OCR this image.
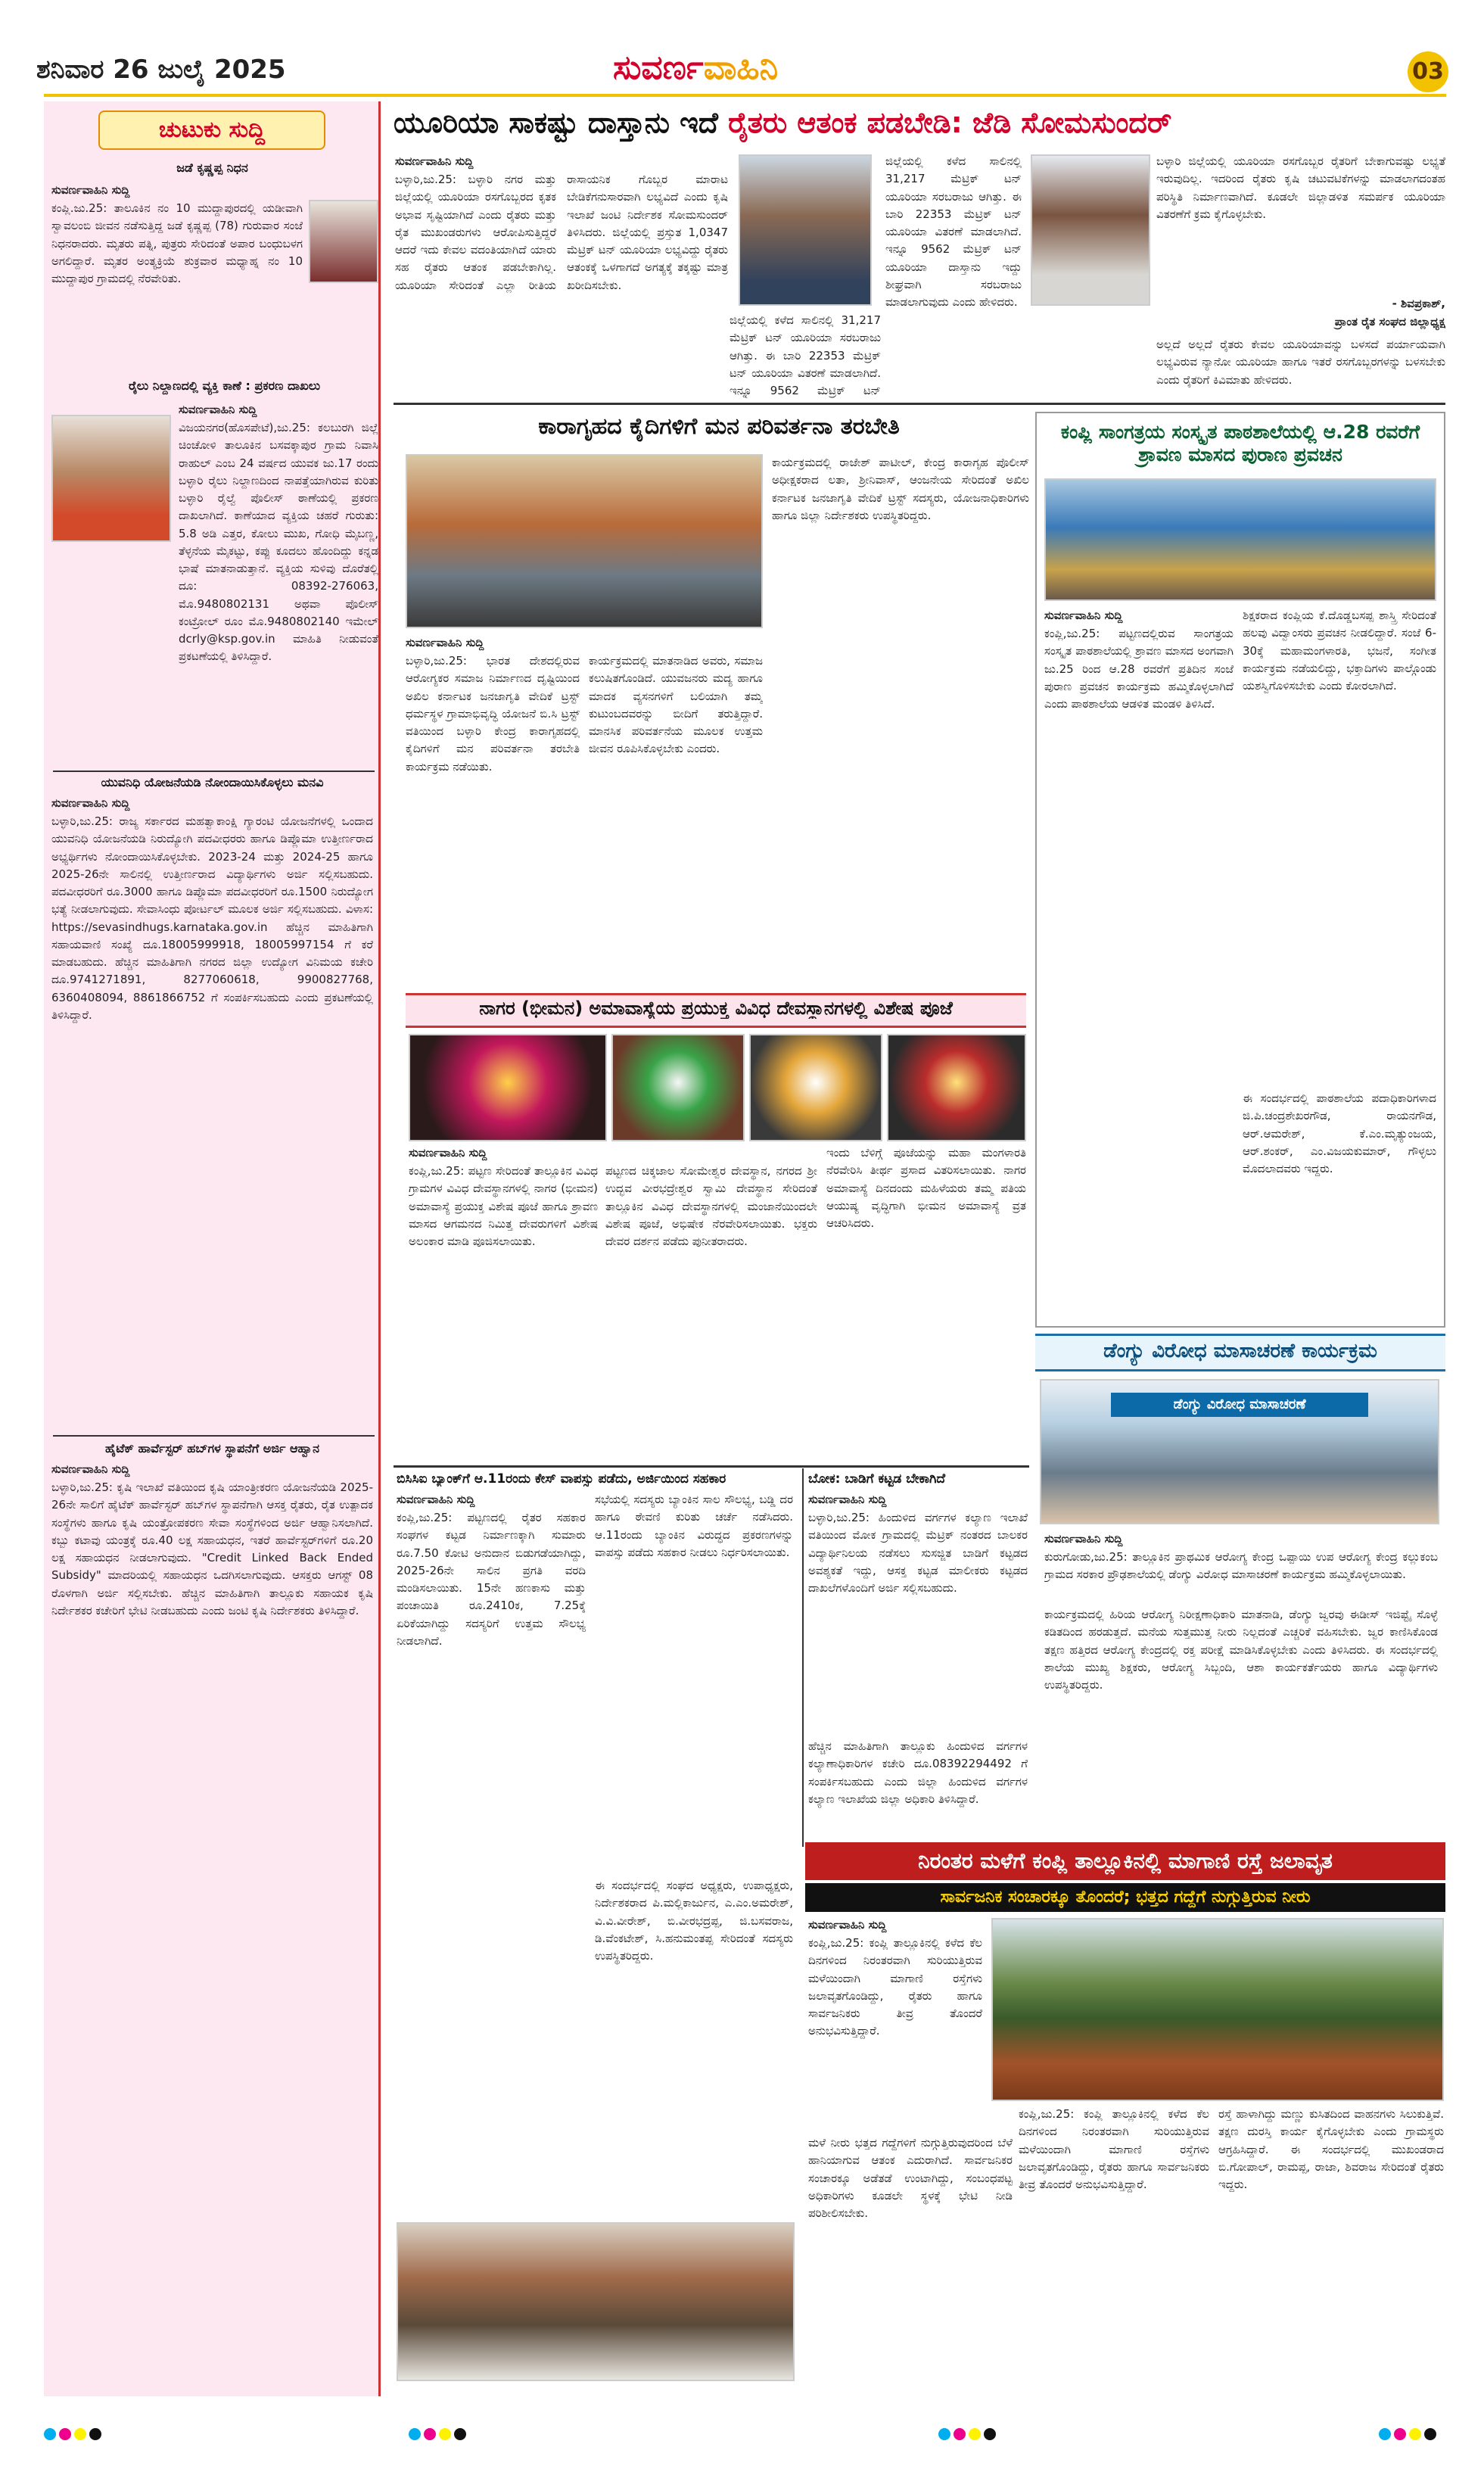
ಶನಿವಾರ 26 ಜುಲೈ 2025	ಸುವರ್ಣವಾಹಿನಿ	03
ಚುಟುಕು ಸುದ್ದಿ
ಜಡೆ ಕೃಷ್ಣಪ್ಪ ನಿಧನ
ಸುವರ್ಣವಾಹಿನಿ ಸುದ್ದಿ
ಕಂಪ್ಲಿ.ಜು.25: ತಾಲೂಕಿನ ನಂ 10 ಮುದ್ದಾಪುರದಲ್ಲಿ ಯಡೀವಾಗಿ ಸ್ವಾವಲಂಬಿ ಜೀವನ ನಡೆಸುತ್ತಿದ್ದ ಜಡೆ ಕೃಷ್ಣಪ್ಪ (78) ಗುರುವಾರ ಸಂಜೆ ನಿಧನರಾದರು. ಮೃತರು ಪತ್ನಿ, ಪುತ್ರರು ಸೇರಿದಂತೆ ಅಪಾರ ಬಂಧುಬಳಗ ಅಗಲಿದ್ದಾರೆ. ಮೃತರ ಅಂತ್ಯಕ್ರಿಯೆ ಶುಕ್ರವಾರ ಮಧ್ಯಾಹ್ನ ನಂ 10 ಮುದ್ದಾಪುರ ಗ್ರಾಮದಲ್ಲಿ ನೆರವೇರಿತು.
ರೈಲು ನಿಲ್ದಾಣದಲ್ಲಿ ವ್ಯಕ್ತಿ ಕಾಣೆ : ಪ್ರಕರಣ ದಾಖಲು
ಸುವರ್ಣವಾಹಿನಿ ಸುದ್ದಿ
ವಿಜಯನಗರ(ಹೊಸಪೇಟೆ),ಜು.25: ಕಲಬುರಗಿ ಜಿಲ್ಲೆ ಚಿಂಚೋಳಿ ತಾಲೂಕಿನ ಬಸವಕ್ಕಾಪುರ ಗ್ರಾಮ ನಿವಾಸಿ ರಾಹುಲ್ ಎಂಬ 24 ವರ್ಷದ ಯುವಕ ಜು.17 ರಂದು ಬಳ್ಳಾರಿ ರೈಲು ನಿಲ್ದಾಣದಿಂದ ನಾಪತ್ತೆಯಾಗಿರುವ ಕುರಿತು ಬಳ್ಳಾರಿ ರೈಲ್ವೆ ಪೊಲೀಸ್ ಠಾಣೆಯಲ್ಲಿ ಪ್ರಕರಣ ದಾಖಲಾಗಿದೆ. ಕಾಣೆಯಾದ ವ್ಯಕ್ತಿಯ ಚಹರೆ ಗುರುತು: 5.8 ಅಡಿ ಎತ್ತರ, ಕೋಲು ಮುಖ, ಗೋಧಿ ಮೈಬಣ್ಣ, ತೆಳ್ಳನೆಯ ಮೈಕಟ್ಟು, ಕಪ್ಪು ಕೂದಲು ಹೊಂದಿದ್ದು ಕನ್ನಡ ಭಾಷೆ ಮಾತನಾಡುತ್ತಾನೆ. ವ್ಯಕ್ತಿಯ ಸುಳಿವು ದೊರೆತಲ್ಲಿ ದೂ: 08392-276063, ಮೊ.9480802131 ಅಥವಾ ಪೊಲೀಸ್ ಕಂಟ್ರೋಲ್ ರೂಂ ಮೊ.9480802140 ಇಮೇಲ್ dcrly@ksp.gov.in ಮಾಹಿತಿ ನೀಡುವಂತೆ ಪ್ರಕಟಣೆಯಲ್ಲಿ ತಿಳಿಸಿದ್ದಾರೆ.
ಯುವನಿಧಿ ಯೋಜನೆಯಡಿ ನೋಂದಾಯಿಸಿಕೊಳ್ಳಲು ಮನವಿ
ಸುವರ್ಣವಾಹಿನಿ ಸುದ್ದಿ
ಬಳ್ಳಾರಿ,ಜು.25: ರಾಜ್ಯ ಸರ್ಕಾರದ ಮಹತ್ವಾಕಾಂಕ್ಷಿ ಗ್ಯಾರಂಟಿ ಯೋಜನೆಗಳಲ್ಲಿ ಒಂದಾದ ಯುವನಿಧಿ ಯೋಜನೆಯಡಿ ನಿರುದ್ಯೋಗಿ ಪದವೀಧರರು ಹಾಗೂ ಡಿಪ್ಲೊಮಾ ಉತ್ತೀರ್ಣರಾದ ಅಭ್ಯರ್ಥಿಗಳು ನೋಂದಾಯಿಸಿಕೊಳ್ಳಬೇಕು. 2023-24 ಮತ್ತು 2024-25 ಹಾಗೂ 2025-26ನೇ ಸಾಲಿನಲ್ಲಿ ಉತ್ತೀರ್ಣರಾದ ವಿದ್ಯಾರ್ಥಿಗಳು ಅರ್ಜಿ ಸಲ್ಲಿಸಬಹುದು. ಪದವೀಧರರಿಗೆ ರೂ.3000 ಹಾಗೂ ಡಿಪ್ಲೊಮಾ ಪದವೀಧರರಿಗೆ ರೂ.1500 ನಿರುದ್ಯೋಗ ಭತ್ಯೆ ನೀಡಲಾಗುವುದು. ಸೇವಾಸಿಂಧು ಪೋರ್ಟಲ್ ಮೂಲಕ ಅರ್ಜಿ ಸಲ್ಲಿಸಬಹುದು. ವಿಳಾಸ: https://sevasindhugs.karnataka.gov.in ಹೆಚ್ಚಿನ ಮಾಹಿತಿಗಾಗಿ ಸಹಾಯವಾಣಿ ಸಂಖ್ಯೆ ದೂ.18005999918, 18005997154 ಗೆ ಕರೆ ಮಾಡಬಹುದು. ಹೆಚ್ಚಿನ ಮಾಹಿತಿಗಾಗಿ ನಗರದ ಜಿಲ್ಲಾ ಉದ್ಯೋಗ ವಿನಿಮಯ ಕಚೇರಿ ದೂ.9741271891, 8277060618, 9900827768, 6360408094, 8861866752 ಗೆ ಸಂಪರ್ಕಿಸಬಹುದು ಎಂದು ಪ್ರಕಟಣೆಯಲ್ಲಿ ತಿಳಿಸಿದ್ದಾರೆ.
ಹೈಟೆಕ್ ಹಾರ್ವೆಸ್ಟರ್ ಹಬ್‌ಗಳ ಸ್ಥಾಪನೆಗೆ ಅರ್ಜಿ ಆಹ್ವಾನ
ಸುವರ್ಣವಾಹಿನಿ ಸುದ್ದಿ
ಬಳ್ಳಾರಿ,ಜು.25: ಕೃಷಿ ಇಲಾಖೆ ವತಿಯಿಂದ ಕೃಷಿ ಯಾಂತ್ರೀಕರಣ ಯೋಜನೆಯಡಿ 2025-26ನೇ ಸಾಲಿಗೆ ಹೈಟೆಕ್ ಹಾರ್ವೆಸ್ಟರ್ ಹಬ್‌ಗಳ ಸ್ಥಾಪನೆಗಾಗಿ ಆಸಕ್ತ ರೈತರು, ರೈತ ಉತ್ಪಾದಕ ಸಂಸ್ಥೆಗಳು ಹಾಗೂ ಕೃಷಿ ಯಂತ್ರೋಪಕರಣ ಸೇವಾ ಸಂಸ್ಥೆಗಳಿಂದ ಅರ್ಜಿ ಆಹ್ವಾನಿಸಲಾಗಿದೆ. ಕಬ್ಬು ಕಟಾವು ಯಂತ್ರಕ್ಕೆ ರೂ.40 ಲಕ್ಷ ಸಹಾಯಧನ, ಇತರೆ ಹಾರ್ವೆಸ್ಟರ್‌ಗಳಿಗೆ ರೂ.20 ಲಕ್ಷ ಸಹಾಯಧನ ನೀಡಲಾಗುವುದು. "Credit Linked Back Ended Subsidy" ಮಾದರಿಯಲ್ಲಿ ಸಹಾಯಧನ ಒದಗಿಸಲಾಗುವುದು. ಆಸಕ್ತರು ಆಗಸ್ಟ್ 08 ರೊಳಗಾಗಿ ಅರ್ಜಿ ಸಲ್ಲಿಸಬೇಕು. ಹೆಚ್ಚಿನ ಮಾಹಿತಿಗಾಗಿ ತಾಲ್ಲೂಕು ಸಹಾಯಕ ಕೃಷಿ ನಿರ್ದೇಶಕರ ಕಚೇರಿಗೆ ಭೇಟಿ ನೀಡಬಹುದು ಎಂದು ಜಂಟಿ ಕೃಷಿ ನಿರ್ದೇಶಕರು ತಿಳಿಸಿದ್ದಾರೆ.
ಯೂರಿಯಾ ಸಾಕಷ್ಟು ದಾಸ್ತಾನು ಇದೆ ರೈತರು ಆತಂಕ ಪಡಬೇಡಿ: ಜೆಡಿ ಸೋಮಸುಂದರ್
ಸುವರ್ಣವಾಹಿನಿ ಸುದ್ದಿ
ಬಳ್ಳಾರಿ,ಜು.25: ಬಳ್ಳಾರಿ ನಗರ ಮತ್ತು ಜಿಲ್ಲೆಯಲ್ಲಿ ಯೂರಿಯಾ ರಸಗೊಬ್ಬರದ ಕೃತಕ ಅಭಾವ ಸೃಷ್ಟಿಯಾಗಿದೆ ಎಂದು ರೈತರು ಮತ್ತು ರೈತ ಮುಖಂಡರುಗಳು ಆರೋಪಿಸುತ್ತಿದ್ದರೆ ಆದರೆ ಇದು ಕೇವಲ ವದಂತಿಯಾಗಿದೆ ಯಾರು ಸಹ ರೈತರು ಆತಂಕ ಪಡಬೇಕಾಗಿಲ್ಲ. ಯೂರಿಯಾ ಸೇರಿದಂತೆ ಎಲ್ಲಾ ರೀತಿಯ ರಾಸಾಯನಿಕ ಗೊಬ್ಬರ ಮಾರಾಟ ಬೇಡಿಕೆಗನುಸಾರವಾಗಿ ಲಭ್ಯವಿದೆ ಎಂದು ಕೃಷಿ ಇಲಾಖೆ ಜಂಟಿ ನಿರ್ದೇಶಕ ಸೋಮಸುಂದರ್ ತಿಳಿಸಿದರು. ಜಿಲ್ಲೆಯಲ್ಲಿ ಪ್ರಸ್ತುತ 1,0347 ಮೆಟ್ರಿಕ್ ಟನ್ ಯೂರಿಯಾ ಲಭ್ಯವಿದ್ದು ರೈತರು ಆತಂಕಕ್ಕೆ ಒಳಗಾಗದೆ ಅಗತ್ಯಕ್ಕೆ ತಕ್ಕಷ್ಟು ಮಾತ್ರ ಖರೀದಿಸಬೇಕು.
ಜಿಲ್ಲೆಯಲ್ಲಿ ಕಳೆದ ಸಾಲಿನಲ್ಲಿ 31,217 ಮೆಟ್ರಿಕ್ ಟನ್ ಯೂರಿಯಾ ಸರಬರಾಜು ಆಗಿತ್ತು. ಈ ಬಾರಿ 22353 ಮೆಟ್ರಿಕ್ ಟನ್ ಯೂರಿಯಾ ವಿತರಣೆ ಮಾಡಲಾಗಿದೆ. ಇನ್ನೂ 9562 ಮೆಟ್ರಿಕ್ ಟನ್
ಜಿಲ್ಲೆಯಲ್ಲಿ ಕಳೆದ ಸಾಲಿನಲ್ಲಿ 31,217 ಮೆಟ್ರಿಕ್ ಟನ್ ಯೂರಿಯಾ ಸರಬರಾಜು ಆಗಿತ್ತು. ಈ ಬಾರಿ 22353 ಮೆಟ್ರಿಕ್ ಟನ್ ಯೂರಿಯಾ ವಿತರಣೆ ಮಾಡಲಾಗಿದೆ. ಇನ್ನೂ 9562 ಮೆಟ್ರಿಕ್ ಟನ್ ಯೂರಿಯಾ ದಾಸ್ತಾನು ಇದ್ದು ಶೀಘ್ರವಾಗಿ ಸರಬರಾಜು ಮಾಡಲಾಗುವುದು ಎಂದು ಹೇಳಿದರು.
ಬಳ್ಳಾರಿ ಜಿಲ್ಲೆಯಲ್ಲಿ ಯೂರಿಯಾ ರಸಗೊಬ್ಬರ ರೈತರಿಗೆ ಬೇಕಾಗುವಷ್ಟು ಲಭ್ಯತೆ ಇರುವುದಿಲ್ಲ. ಇದರಿಂದ ರೈತರು ಕೃಷಿ ಚಟುವಟಿಕೆಗಳನ್ನು ಮಾಡಲಾಗದಂತಹ ಪರಿಸ್ಥಿತಿ ನಿರ್ಮಾಣವಾಗಿದೆ. ಕೂಡಲೇ ಜಿಲ್ಲಾಡಳಿತ ಸಮರ್ಪಕ ಯೂರಿಯಾ ವಿತರಣೆಗೆ ಕ್ರಮ ಕೈಗೊಳ್ಳಬೇಕು.
- ಶಿವಪ್ರಕಾಶ್,
ಪ್ರಾಂತ ರೈತ ಸಂಘದ ಜಿಲ್ಲಾಧ್ಯಕ್ಷ
ಅಲ್ಲದೆ ಅಲ್ಲದೆ ರೈತರು ಕೇವಲ ಯೂರಿಯಾವನ್ನು ಬಳಸದೆ ಪರ್ಯಾಯವಾಗಿ ಲಭ್ಯವಿರುವ ನ್ಯಾನೋ ಯೂರಿಯಾ ಹಾಗೂ ಇತರೆ ರಸಗೊಬ್ಬರಗಳನ್ನು ಬಳಸಬೇಕು ಎಂದು ರೈತರಿಗೆ ಕಿವಿಮಾತು ಹೇಳಿದರು.
ಕಾರಾಗೃಹದ ಕೈದಿಗಳಿಗೆ ಮನ ಪರಿವರ್ತನಾ ತರಬೇತಿ
ಸುವರ್ಣವಾಹಿನಿ ಸುದ್ದಿ
ಬಳ್ಳಾರಿ,ಜು.25: ಭಾರತ ದೇಶದಲ್ಲಿರುವ ಆರೋಗ್ಯಕರ ಸಮಾಜ ನಿರ್ಮಾಣದ ದೃಷ್ಟಿಯಿಂದ ಅಖಿಲ ಕರ್ನಾಟಕ ಜನಜಾಗೃತಿ ವೇದಿಕೆ ಟ್ರಸ್ಟ್ ಧರ್ಮಸ್ಥಳ ಗ್ರಾಮಾಭಿವೃದ್ಧಿ ಯೋಜನೆ ಬಿ.ಸಿ ಟ್ರಸ್ಟ್ ವತಿಯಿಂದ ಬಳ್ಳಾರಿ ಕೇಂದ್ರ ಕಾರಾಗೃಹದಲ್ಲಿ ಕೈದಿಗಳಿಗೆ ಮನ ಪರಿವರ್ತನಾ ತರಬೇತಿ ಕಾರ್ಯಕ್ರಮ ನಡೆಯಿತು.
ಕಾರ್ಯಕ್ರಮದಲ್ಲಿ ಮಾತನಾಡಿದ ಅವರು, ಸಮಾಜ ಕಲುಷಿತಗೊಂಡಿದೆ. ಯುವಜನರು ಮದ್ಯ ಹಾಗೂ ಮಾದಕ ವ್ಯಸನಗಳಿಗೆ ಬಲಿಯಾಗಿ ತಮ್ಮ ಕುಟುಂಬದವರನ್ನು ಬೀದಿಗೆ ತರುತ್ತಿದ್ದಾರೆ. ಮಾನಸಿಕ ಪರಿವರ್ತನೆಯ ಮೂಲಕ ಉತ್ತಮ ಜೀವನ ರೂಪಿಸಿಕೊಳ್ಳಬೇಕು ಎಂದರು.
ಕಾರ್ಯಕ್ರಮದಲ್ಲಿ ರಾಜೇಶ್ ಪಾಟೀಲ್, ಕೇಂದ್ರ ಕಾರಾಗೃಹ ಪೊಲೀಸ್ ಅಧೀಕ್ಷಕರಾದ ಲತಾ, ಶ್ರೀನಿವಾಸ್, ಆಂಜನೇಯ ಸೇರಿದಂತೆ ಅಖಿಲ ಕರ್ನಾಟಕ ಜನಜಾಗೃತಿ ವೇದಿಕೆ ಟ್ರಸ್ಟ್ ಸದಸ್ಯರು, ಯೋಜನಾಧಿಕಾರಿಗಳು ಹಾಗೂ ಜಿಲ್ಲಾ ನಿರ್ದೇಶಕರು ಉಪಸ್ಥಿತರಿದ್ದರು.
ಕಂಪ್ಲಿ ಸಾಂಗತ್ರಯ ಸಂಸ್ಕೃತ ಪಾಠಶಾಲೆಯಲ್ಲಿ ಆ.28 ರವರೆಗೆ ಶ್ರಾವಣ ಮಾಸದ ಪುರಾಣ ಪ್ರವಚನ
ಸುವರ್ಣವಾಹಿನಿ ಸುದ್ದಿ
ಕಂಪ್ಲಿ,ಜು.25: ಪಟ್ಟಣದಲ್ಲಿರುವ ಸಾಂಗತ್ರಯ ಸಂಸ್ಕೃತ ಪಾಠಶಾಲೆಯಲ್ಲಿ ಶ್ರಾವಣ ಮಾಸದ ಅಂಗವಾಗಿ ಜು.25 ರಿಂದ ಆ.28 ರವರೆಗೆ ಪ್ರತಿದಿನ ಸಂಜೆ ಪುರಾಣ ಪ್ರವಚನ ಕಾರ್ಯಕ್ರಮ ಹಮ್ಮಿಕೊಳ್ಳಲಾಗಿದೆ ಎಂದು ಪಾಠಶಾಲೆಯ ಆಡಳಿತ ಮಂಡಳಿ ತಿಳಿಸಿದೆ.
ಶಿಕ್ಷಕರಾದ ಕಂಪ್ಲಿಯ ಕೆ.ದೊಡ್ಡಬಸಪ್ಪ ಶಾಸ್ತ್ರಿ ಸೇರಿದಂತೆ ಹಲವು ವಿದ್ವಾಂಸರು ಪ್ರವಚನ ನೀಡಲಿದ್ದಾರೆ. ಸಂಜೆ 6-30ಕ್ಕೆ ಮಹಾಮಂಗಳಾರತಿ, ಭಜನೆ, ಸಂಗೀತ ಕಾರ್ಯಕ್ರಮ ನಡೆಯಲಿದ್ದು, ಭಕ್ತಾದಿಗಳು ಪಾಲ್ಗೊಂಡು ಯಶಸ್ವಿಗೊಳಿಸಬೇಕು ಎಂದು ಕೋರಲಾಗಿದೆ.
ಈ ಸಂದರ್ಭದಲ್ಲಿ ಪಾಠಶಾಲೆಯ ಪದಾಧಿಕಾರಿಗಳಾದ ಜಿ.ಪಿ.ಚಂದ್ರಶೇಖರಗೌಡ, ರಾಯನಗೌಡ, ಆರ್.ಆಮರೇಶ್, ಕೆ.ಎಂ.ಮೃತ್ಯುಂಜಯ, ಆರ್.ಶಂಕರ್, ಎಂ.ವಿಜಯಕುಮಾರ್, ಗೌಳ್ಳಲು ಮೊದಲಾದವರು ಇದ್ದರು.
ನಾಗರ (ಭೀಮನ) ಅಮಾವಾಸ್ಯೆಯ ಪ್ರಯುಕ್ತ ವಿವಿಧ ದೇವಸ್ಥಾನಗಳಲ್ಲಿ ವಿಶೇಷ ಪೂಜೆ
ಸುವರ್ಣವಾಹಿನಿ ಸುದ್ದಿ
ಕಂಪ್ಲಿ,ಜು.25: ಪಟ್ಟಣ ಸೇರಿದಂತೆ ತಾಲ್ಲೂಕಿನ ವಿವಿಧ ಗ್ರಾಮಗಳ ವಿವಿಧ ದೇವಸ್ಥಾನಗಳಲ್ಲಿ ನಾಗರ (ಭೀಮನ) ಅಮಾವಾಸ್ಯೆ ಪ್ರಯುಕ್ತ ವಿಶೇಷ ಪೂಜೆ ಹಾಗೂ ಶ್ರಾವಣ ಮಾಸದ ಆಗಮನದ ನಿಮಿತ್ತ ದೇವರುಗಳಿಗೆ ವಿಶೇಷ ಅಲಂಕಾರ ಮಾಡಿ ಪೂಜಿಸಲಾಯಿತು.
ಪಟ್ಟಣದ ಚಿಕ್ಕಜಾಲ ಸೋಮೇಶ್ವರ ದೇವಸ್ಥಾನ, ನಗರದ ಶ್ರೀ ಉದ್ಭವ ವೀರಭದ್ರೇಶ್ವರ ಸ್ವಾಮಿ ದೇವಸ್ಥಾನ ಸೇರಿದಂತೆ ತಾಲ್ಲೂಕಿನ ವಿವಿಧ ದೇವಸ್ಥಾನಗಳಲ್ಲಿ ಮಂಜಾನೆಯಿಂದಲೇ ವಿಶೇಷ ಪೂಜೆ, ಅಭಿಷೇಕ ನೆರವೇರಿಸಲಾಯಿತು. ಭಕ್ತರು ದೇವರ ದರ್ಶನ ಪಡೆದು ಪುನೀತರಾದರು.
ಇಂದು ಬೆಳಿಗ್ಗೆ ಪೂಜೆಯನ್ನು ಮಹಾ ಮಂಗಳಾರತಿ ನೆರವೇರಿಸಿ ತೀರ್ಥ ಪ್ರಸಾದ ವಿತರಿಸಲಾಯಿತು. ನಾಗರ ಅಮಾವಾಸ್ಯೆ ದಿನದಂದು ಮಹಿಳೆಯರು ತಮ್ಮ ಪತಿಯ ಆಯುಷ್ಯ ವೃದ್ಧಿಗಾಗಿ ಭೀಮನ ಅಮಾವಾಸ್ಯೆ ವ್ರತ ಆಚರಿಸಿದರು.
ಡೆಂಗ್ಯು ವಿರೋಧ ಮಾಸಾಚರಣೆ ಕಾರ್ಯಕ್ರಮ
ಡೆಂಗ್ಯು ವಿರೋಧ ಮಾಸಾಚರಣೆ
ಸುವರ್ಣವಾಹಿನಿ ಸುದ್ದಿ
ಕುರುಗೋಡು,ಜು.25: ತಾಲ್ಲೂಕಿನ ಪ್ರಾಥಮಿಕ ಆರೋಗ್ಯ ಕೇಂದ್ರ ಒಪ್ಪಾಯಿ ಉಪ ಆರೋಗ್ಯ ಕೇಂದ್ರ ಕಲ್ಲುಕಂಬ ಗ್ರಾಮದ ಸರಕಾರ ಪ್ರೌಢಶಾಲೆಯಲ್ಲಿ ಡೆಂಗ್ಯು ವಿರೋಧ ಮಾಸಾಚರಣೆ ಕಾರ್ಯಕ್ರಮ ಹಮ್ಮಿಕೊಳ್ಳಲಾಯಿತು.
ಕಾರ್ಯಕ್ರಮದಲ್ಲಿ ಹಿರಿಯ ಆರೋಗ್ಯ ನಿರೀಕ್ಷಣಾಧಿಕಾರಿ ಮಾತನಾಡಿ, ಡೆಂಗ್ಯು ಜ್ವರವು ಈಡೀಸ್ ಇಜಿಪ್ಟೈ ಸೊಳ್ಳೆ ಕಡಿತದಿಂದ ಹರಡುತ್ತದೆ. ಮನೆಯ ಸುತ್ತಮುತ್ತ ನೀರು ನಿಲ್ಲದಂತೆ ಎಚ್ಚರಿಕೆ ವಹಿಸಬೇಕು. ಜ್ವರ ಕಾಣಿಸಿಕೊಂಡ ತಕ್ಷಣ ಹತ್ತಿರದ ಆರೋಗ್ಯ ಕೇಂದ್ರದಲ್ಲಿ ರಕ್ತ ಪರೀಕ್ಷೆ ಮಾಡಿಸಿಕೊಳ್ಳಬೇಕು ಎಂದು ತಿಳಿಸಿದರು. ಈ ಸಂದರ್ಭದಲ್ಲಿ ಶಾಲೆಯ ಮುಖ್ಯ ಶಿಕ್ಷಕರು, ಆರೋಗ್ಯ ಸಿಬ್ಬಂದಿ, ಆಶಾ ಕಾರ್ಯಕರ್ತೆಯರು ಹಾಗೂ ವಿದ್ಯಾರ್ಥಿಗಳು ಉಪಸ್ಥಿತರಿದ್ದರು.
ಬಿಸಿಸಿಐ ಬ್ಯಾಂಕ್‌ಗೆ ಆ.11ರಂದು ಕೇಸ್ ವಾಪಸ್ಸು ಪಡೆದು, ಅರ್ಜಿಯಿಂದ ಸಹಕಾರ
ಸುವರ್ಣವಾಹಿನಿ ಸುದ್ದಿ
ಕಂಪ್ಲಿ,ಜು.25: ಪಟ್ಟಣದಲ್ಲಿ ರೈತರ ಸಹಕಾರ ಸಂಘಗಳ ಕಟ್ಟಡ ನಿರ್ಮಾಣಕ್ಕಾಗಿ ಸುಮಾರು ರೂ.7.50 ಕೋಟಿ ಅನುದಾನ ಬಿಡುಗಡೆಯಾಗಿದ್ದು, 2025-26ನೇ ಸಾಲಿನ ಪ್ರಗತಿ ವರದಿ ಮಂಡಿಸಲಾಯಿತು. 15ನೇ ಹಣಕಾಸು ಮತ್ತು ಪಂಚಾಯಿತಿ ರೂ.2410ಕ, 7.25ಕ್ಕೆ ಏರಿಕೆಯಾಗಿದ್ದು ಸದಸ್ಯರಿಗೆ ಉತ್ತಮ ಸೌಲಭ್ಯ ನೀಡಲಾಗಿದೆ.
ಸಭೆಯಲ್ಲಿ ಸದಸ್ಯರು ಬ್ಯಾಂಕಿನ ಸಾಲ ಸೌಲಭ್ಯ, ಬಡ್ಡಿ ದರ ಹಾಗೂ ಠೇವಣಿ ಕುರಿತು ಚರ್ಚೆ ನಡೆಸಿದರು. ಆ.11ರಂದು ಬ್ಯಾಂಕಿನ ವಿರುದ್ಧದ ಪ್ರಕರಣಗಳನ್ನು ವಾಪಸ್ಸು ಪಡೆದು ಸಹಕಾರ ನೀಡಲು ನಿರ್ಧರಿಸಲಾಯಿತು.
ಈ ಸಂದರ್ಭದಲ್ಲಿ ಸಂಘದ ಅಧ್ಯಕ್ಷರು, ಉಪಾಧ್ಯಕ್ಷರು, ನಿರ್ದೇಶಕರಾದ ಪಿ.ಮಲ್ಲಿಕಾರ್ಜುನ, ಎ.ಎಂ.ಅಮರೇಶ್, ವಿ.ವಿ.ವೀರೇಶ್, ಬಿ.ವೀರಭದ್ರಪ್ಪ, ಜಿ.ಬಸವರಾಜ, ಡಿ.ವೆಂಕಟೇಶ್, ಸಿ.ಹನುಮಂತಪ್ಪ ಸೇರಿದಂತೆ ಸದಸ್ಯರು ಉಪಸ್ಥಿತರಿದ್ದರು.
ಬೋಕ: ಬಾಡಿಗೆ ಕಟ್ಟಡ ಬೇಕಾಗಿದೆ
ಸುವರ್ಣವಾಹಿನಿ ಸುದ್ದಿ
ಬಳ್ಳಾರಿ,ಜು.25: ಹಿಂದುಳಿದ ವರ್ಗಗಳ ಕಲ್ಯಾಣ ಇಲಾಖೆ ವತಿಯಿಂದ ಮೋಕ ಗ್ರಾಮದಲ್ಲಿ ಮೆಟ್ರಿಕ್ ನಂತರದ ಬಾಲಕರ ವಿದ್ಯಾರ್ಥಿನಿಲಯ ನಡೆಸಲು ಸುಸಜ್ಜಿತ ಬಾಡಿಗೆ ಕಟ್ಟಡದ ಅವಶ್ಯಕತೆ ಇದ್ದು, ಆಸಕ್ತ ಕಟ್ಟಡ ಮಾಲೀಕರು ಕಟ್ಟಡದ ದಾಖಲೆಗಳೊಂದಿಗೆ ಅರ್ಜಿ ಸಲ್ಲಿಸಬಹುದು.
ಹೆಚ್ಚಿನ ಮಾಹಿತಿಗಾಗಿ ತಾಲ್ಲೂಕು ಹಿಂದುಳಿದ ವರ್ಗಗಳ ಕಲ್ಯಾಣಾಧಿಕಾರಿಗಳ ಕಚೇರಿ ದೂ.08392294492 ಗೆ ಸಂಪರ್ಕಿಸಬಹುದು ಎಂದು ಜಿಲ್ಲಾ ಹಿಂದುಳಿದ ವರ್ಗಗಳ ಕಲ್ಯಾಣ ಇಲಾಖೆಯ ಜಿಲ್ಲಾ ಅಧಿಕಾರಿ ತಿಳಿಸಿದ್ದಾರೆ.
ನಿರಂತರ ಮಳೆಗೆ ಕಂಪ್ಲಿ ತಾಲ್ಲೂಕಿನಲ್ಲಿ ಮಾಗಾಣಿ ರಸ್ತೆ ಜಲಾವೃತ
ಸಾರ್ವಜನಿಕ ಸಂಚಾರಕ್ಕೂ ತೊಂದರೆ; ಭತ್ತದ ಗದ್ದೆಗೆ ನುಗ್ಗುತ್ತಿರುವ ನೀರು
ಸುವರ್ಣವಾಹಿನಿ ಸುದ್ದಿ
ಕಂಪ್ಲಿ,ಜು.25: ಕಂಪ್ಲಿ ತಾಲ್ಲೂಕಿನಲ್ಲಿ ಕಳೆದ ಕೆಲ ದಿನಗಳಿಂದ ನಿರಂತರವಾಗಿ ಸುರಿಯುತ್ತಿರುವ ಮಳೆಯಿಂದಾಗಿ ಮಾಗಾಣಿ ರಸ್ತೆಗಳು ಜಲಾವೃತಗೊಂಡಿದ್ದು, ರೈತರು ಹಾಗೂ ಸಾರ್ವಜನಿಕರು ತೀವ್ರ ತೊಂದರೆ ಅನುಭವಿಸುತ್ತಿದ್ದಾರೆ.
ಮಳೆ ನೀರು ಭತ್ತದ ಗದ್ದೆಗಳಿಗೆ ನುಗ್ಗುತ್ತಿರುವುದರಿಂದ ಬೆಳೆ ಹಾನಿಯಾಗುವ ಆತಂಕ ಎದುರಾಗಿದೆ. ಸಾರ್ವಜನಿಕರ ಸಂಚಾರಕ್ಕೂ ಅಡೆತಡೆ ಉಂಟಾಗಿದ್ದು, ಸಂಬಂಧಪಟ್ಟ ಅಧಿಕಾರಿಗಳು ಕೂಡಲೇ ಸ್ಥಳಕ್ಕೆ ಭೇಟಿ ನೀಡಿ ಪರಿಶೀಲಿಸಬೇಕು.
ರಸ್ತೆ ಹಾಳಾಗಿದ್ದು ಮಣ್ಣು ಕುಸಿತದಿಂದ ವಾಹನಗಳು ಸಿಲುಕುತ್ತಿವೆ. ತಕ್ಷಣ ದುರಸ್ತಿ ಕಾರ್ಯ ಕೈಗೊಳ್ಳಬೇಕು ಎಂದು ಗ್ರಾಮಸ್ಥರು ಆಗ್ರಹಿಸಿದ್ದಾರೆ. ಈ ಸಂದರ್ಭದಲ್ಲಿ ಮುಖಂಡರಾದ ಬಿ.ಗೋಪಾಲ್, ರಾಮಪ್ಪ, ರಾಜಾ, ಶಿವರಾಜ ಸೇರಿದಂತೆ ರೈತರು ಇದ್ದರು.
ಕಂಪ್ಲಿ,ಜು.25: ಕಂಪ್ಲಿ ತಾಲ್ಲೂಕಿನಲ್ಲಿ ಕಳೆದ ಕೆಲ ದಿನಗಳಿಂದ ನಿರಂತರವಾಗಿ ಸುರಿಯುತ್ತಿರುವ ಮಳೆಯಿಂದಾಗಿ ಮಾಗಾಣಿ ರಸ್ತೆಗಳು ಜಲಾವೃತಗೊಂಡಿದ್ದು, ರೈತರು ಹಾಗೂ ಸಾರ್ವಜನಿಕರು ತೀವ್ರ ತೊಂದರೆ ಅನುಭವಿಸುತ್ತಿದ್ದಾರೆ.
